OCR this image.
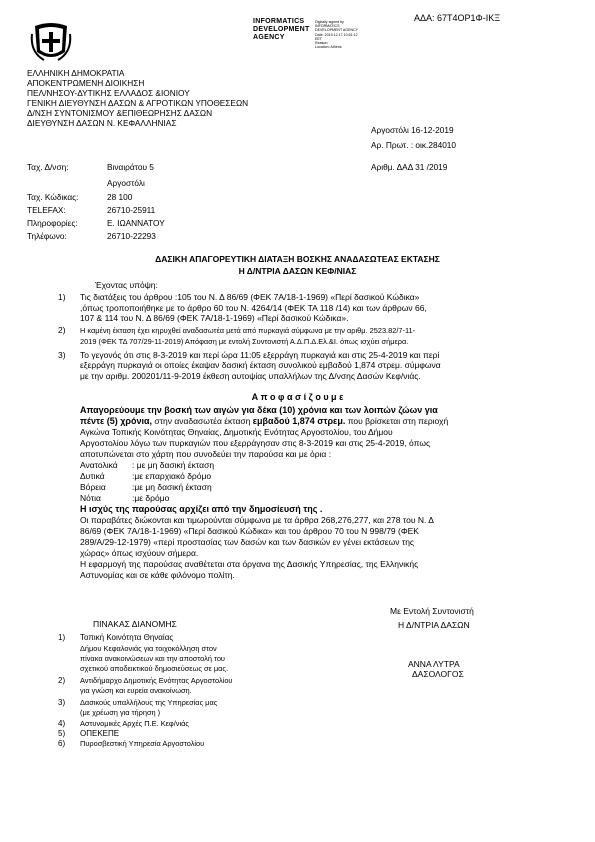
ΑΔΑ: 67Τ4ΟΡ1Φ-ΙΚΞ
INFORMATICS
DEVELOPMENT
AGENCY
Digitally signed by
INFORMATICS
DEVELOPMENT AGENCY
Date: 2019.12.17 10:51:12
EET
Reason:
Location: Athens
ΕΛΛΗΝΙΚΗ ΔΗΜΟΚΡΑΤΙΑ
ΑΠΟΚΕΝΤΡΩΜΕΝΗ ΔΙΟΙΚΗΣΗ
ΠΕΛ/ΝΗΣΟΥ-ΔΥΤΙΚΗΣ ΕΛΛΑΔΟΣ &ΙΟΝΙΟΥ
ΓΕΝΙΚΗ ΔΙΕΥΘΥΝΣΗ ΔΑΣΩΝ & ΑΓΡΟΤΙΚΩΝ ΥΠΟΘΕΣΕΩΝ
Δ/ΝΣΗ ΣΥΝΤΟΝΙΣΜΟΥ &ΕΠΙΘΕΩΡΗΣΗΣ ΔΑΣΩΝ
ΔΙΕΥΘΥΝΣΗ ΔΑΣΩΝ Ν. ΚΕΦΑΛΛΗΝΙΑΣ
Αργοστόλι 16-12-2019
Αρ. Πρωτ. : οικ.284010
Ταχ. Δ/νση:	Βιναιράτου 5
Αργοστόλι
Ταχ. Κώδικας:	28 100
TELEFAX:	26710-25911
Πληροφορίες:	Ε. ΙΩΑΝΝΑΤΟΥ
Τηλέφωνο:	26710-22293
Αριθμ. ΔΑΔ 31 /2019
ΔΑΣΙΚΗ ΑΠΑΓΟΡΕΥΤΙΚΗ ΔΙΑΤΑΞΗ ΒΟΣΚΗΣ ΑΝΑΔΑΣΩΤΕΑΣ ΕΚΤΑΣΗΣ
Η Δ/ΝΤΡΙΑ ΔΑΣΩΝ ΚΕΦ/ΝΙΑΣ
Έχοντας υπόψη:
1) Τις διατάξεις του άρθρου :105 του Ν. Δ 86/69 (ΦΕΚ 7Α/18-1-1969) «Περί δασικού Κώδικα»
,όπως τροποποιήθηκε με το άρθρο 60 του Ν. 4264/14 (ΦΕΚ ΤΑ 118 /14) και των άρθρων 66,
107 & 114 του Ν. Δ 86/69 (ΦΕΚ 7Α/18-1-1969) «Περί δασικού Κώδικα».
2) Η καμένη έκταση έχει κηρυχθεί αναδασωτέα μετά από πυρκαγιά σύμφωνα με την αριθμ. 2523.82/7-11-
2019 (ΦΕΚ ΤΔ 707/29-11-2019) Απόφαση με εντολή Συντονιστή Α.Δ.Π.Δ.Ελ.&Ι. όπως ισχύει σήμερα.
3) Το γεγονός ότι στις 8-3-2019 και περί ώρα 11:05 εξερράγη πυρκαγιά και στις 25-4-2019 και περί
εξερράγη πυρκαγιά οι οποίες έκαψαν δασική έκταση συνολικού εμβαδού 1,874 στρεμ. σύμφωνα
με την αριθμ. 200201/11-9-2019 έκθεση αυτοψίας υπαλλήλων της Δ/νσης Δασών Κεφ/νιάς.
Α π ο φ α σ ί ζ ο υ μ ε
Απαγορεύουμε την βοσκή των αιγών για δέκα (10) χρόνια και των λοιπών ζώων για
πέντε (5) χρόνια, στην αναδασωτέα έκταση εμβαδού 1,874 στρεμ. που βρίσκεται στη περιοχή
Αγκώνα Τοπικής Κοινότητας Θηναίας, Δημοτικής Ενότητας Αργοστολίου, του Δήμου
Αργοστολίου λόγω των πυρκαγιών που εξερράγησαν στις 8-3-2019 και στις 25-4-2019, όπως
αποτυπώνεται στο χάρτη που συνοδεύει την παρούσα και με όρια :
Ανατολικά : με μη δασική έκταση
Δυτικά	:με επαρχιακό δρόμο
Βόρεια	:με μη δασική έκταση
Νότια	:με δρόμο
Η ισχύς της παρούσας αρχίζει από την δημοσίευσή της .
Οι παραβάτες διώκονται και τιμωρούνται σύμφωνα με τα άρθρα 268,276,277, και 278 του Ν. Δ
86/69 (ΦΕΚ 7Α/18-1-1969) «Περί δασικού Κώδικα» και του άρθρου 70 του Ν 998/79 (ΦΕΚ
289/Α/29-12-1979) «περί προστασίας των δασών και των δασικών εν γένει εκτάσεων της
χώρας» όπως ισχύουν σήμερα.
Η εφαρμογή της παρούσας αναθέτεται στα όργανα της Δασικής Υπηρεσίας, της Ελληνικής
Αστυνομίας και σε κάθε φιλόνομο πολίτη.
Με Εντολή Συντονιστή
Η Δ/ΝΤΡΙΑ ΔΑΣΩΝ
ΑΝΝΑ ΛΥΤΡΑ
ΔΑΣΟΛΟΓΟΣ
ΠΙΝΑΚΑΣ ΔΙΑΝΟΜΗΣ
1) Τοπική Κοινότητα Θηναίας
Δήμου Κεφαλονιάς για τοιχοκόλληση στον
πίνακα ανακοινώσεων και την αποστολή του
σχετικού αποδεικτικού δημοσιεύσεως σε μας.
2) Αντιδήμαρχο Δημοτικής Ενότητας Αργοστολίου
για γνώση και ευρεία ανακοίνωση.
3) Δασικούς υπαλλήλους της Υπηρεσίας μας
(με χρέωση για τήρηση )
4) Αστυνομικές Αρχές Π.Ε. Κεφ/νιάς
5) ΟΠΕΚΕΠΕ
6) Πυροσβεστική Υπηρεσία Αργοστολίου
